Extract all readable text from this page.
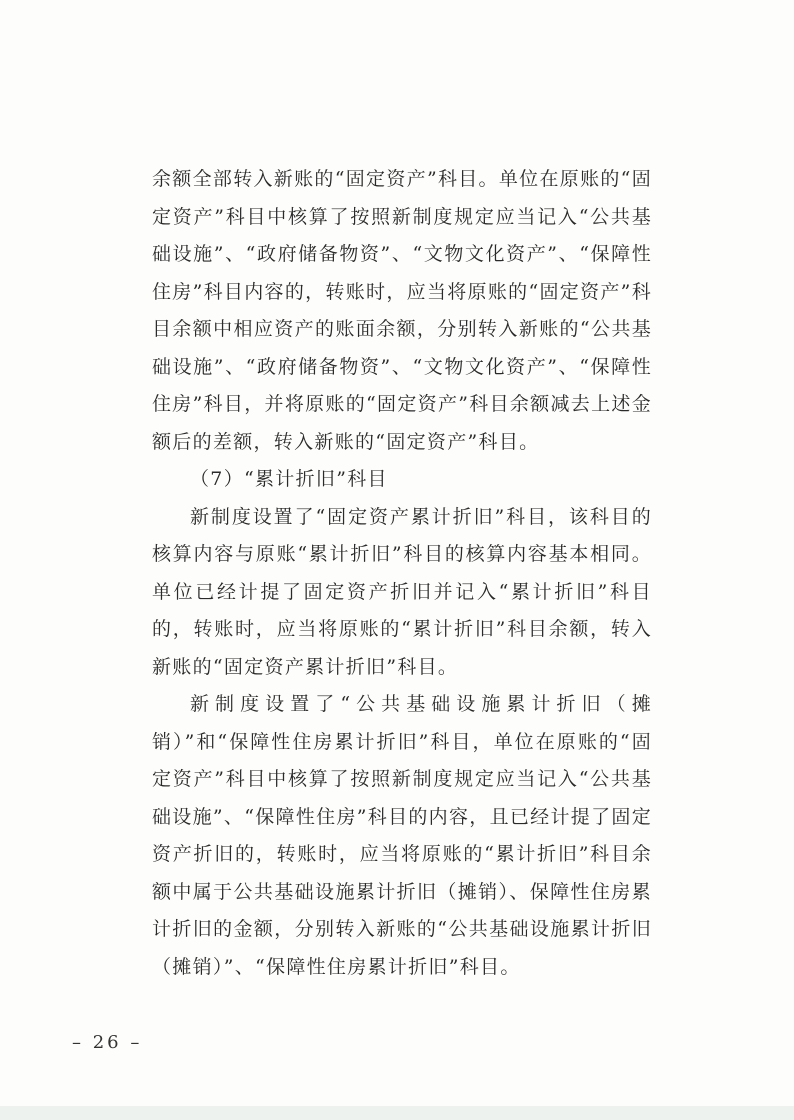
余额全部转入新账的“固定资产”科目。单位在原账的“固定资产”科目中核算了按照新制度规定应当记入“公共基础设施”、“政府储备物资”、“文物文化资产”、“保障性住房”科目内容的，转账时，应当将原账的“固定资产”科目余额中相应资产的账面余额，分别转入新账的“公共基础设施”、“政府储备物资”、“文物文化资产”、“保障性住房”科目，并将原账的“固定资产”科目余额减去上述金额后的差额，转入新账的“固定资产”科目。

（7）“累计折旧”科目

新制度设置了“固定资产累计折旧”科目，该科目的核算内容与原账“累计折旧”科目的核算内容基本相同。单位已经计提了固定资产折旧并记入“累计折旧”科目的，转账时，应当将原账的“累计折旧”科目余额，转入新账的“固定资产累计折旧”科目。

新制度设置了“公共基础设施累计折旧（摊销）”和“保障性住房累计折旧”科目，单位在原账的“固定资产”科目中核算了按照新制度规定应当记入“公共基础设施”、“保障性住房”科目的内容，且已经计提了固定资产折旧的，转账时，应当将原账的“累计折旧”科目余额中属于公共基础设施累计折旧（摊销）、保障性住房累计折旧的金额，分别转入新账的“公共基础设施累计折旧（摊销）”、“保障性住房累计折旧”科目。

– 26 –
